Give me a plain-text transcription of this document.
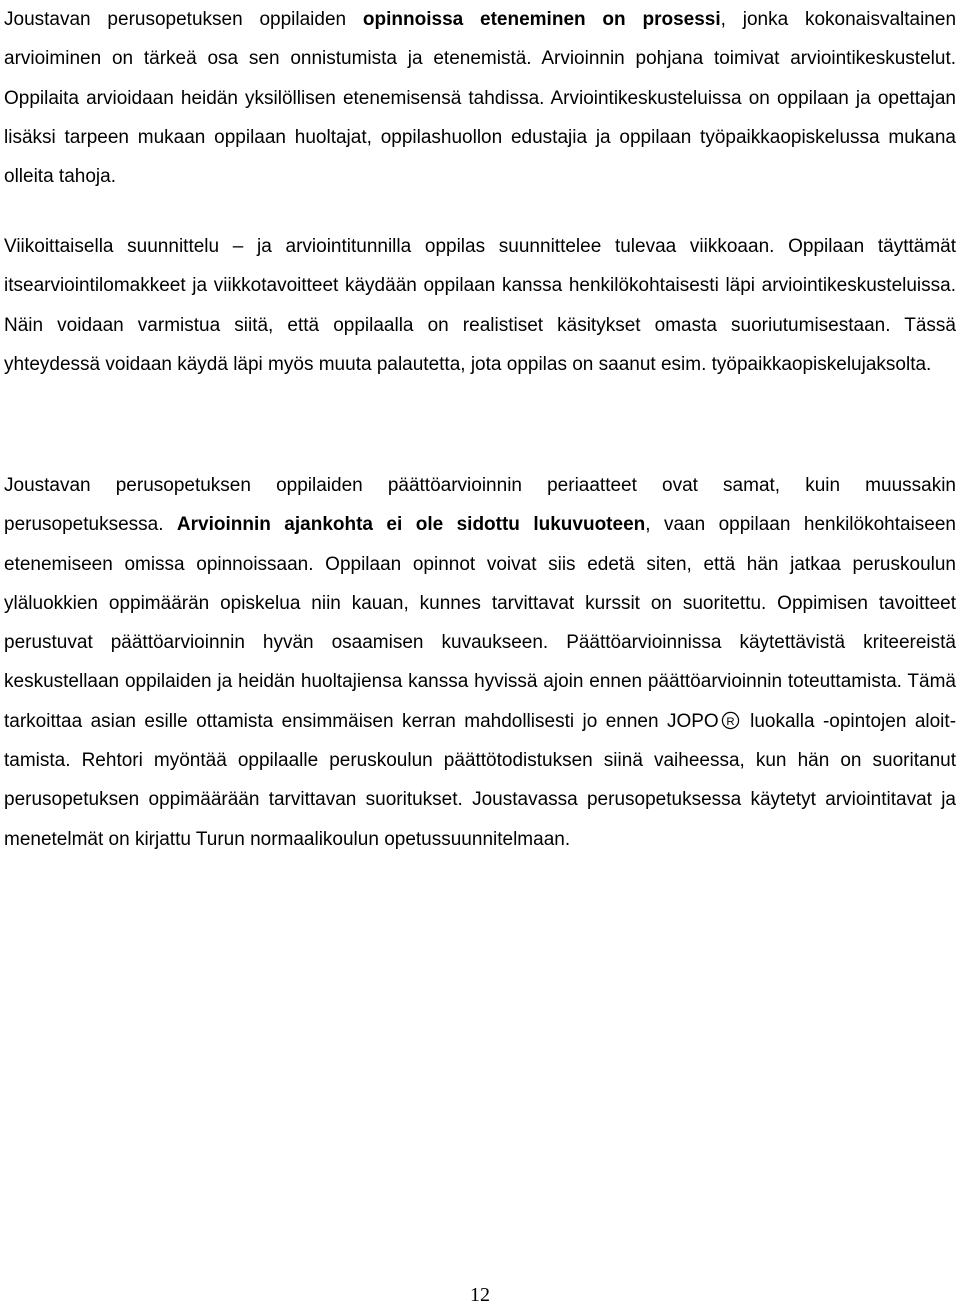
Joustavan perusopetuksen oppilaiden opinnoissa eteneminen on prosessi, jonka kokonaisvaltainen arvioiminen on tärkeä osa sen onnistumista ja etenemistä. Arvioinnin pohjana toimivat arviointikeskustelut. Oppilaita arvioidaan heidän yksilöllisen etenemisensä tahdissa. Arviointikeskusteluissa on oppilaan ja opettajan lisäksi tarpeen mukaan oppilaan huoltajat, oppilashuollon edustajia ja oppilaan työpaikkaopiskelussa mukana olleita tahoja.

Viikoittaisella suunnittelu – ja arviointitunnilla oppilas suunnittelee tulevaa viikkoaan. Oppilaan täyttämät itsearviointilomakkeet ja viikkotavoitteet käydään oppilaan kanssa henkilökohtaisesti läpi arviointikeskusteluissa. Näin voidaan varmistua siitä, että oppilaalla on realistiset käsitykset omasta suoriutumisestaan. Tässä yhteydessä voidaan käydä läpi myös muuta palautetta, jota oppilas on saanut esim. työpaikkaopiskelujaksolta.

Joustavan perusopetuksen oppilaiden päättöarvioinnin periaatteet ovat samat, kuin muussakin perusopetuksessa. Arvioinnin ajankohta ei ole sidottu lukuvuoteen, vaan oppilaan henkilökohtaiseen etenemiseen omissa opinnoissaan. Oppilaan opinnot voivat siis edetä siten, että hän jatkaa peruskoulun yläluokkien oppimäärän opiskelua niin kauan, kunnes tarvittavat kurssit on suoritettu. Oppimisen tavoitteet perustuvat päättöarvioinnin hyvän osaamisen kuvaukseen. Päättöarvioinnissa käytettävistä kriteereistä keskustellaan oppilaiden ja heidän huoltajiensa kanssa hyvissä ajoin ennen päättöarvioinnin toteuttamista. Tämä tarkoittaa asian esille ottamista ensimmäisen kerran mahdollisesti jo ennen JOPO R luokalla -opintojen aloittamista. Rehtori myöntää oppilaalle peruskoulun päättötodistuksen siinä vaiheessa, kun hän on suoritanut perusopetuksen oppimäärään tarvittavan suoritukset. Joustavassa perusopetuksessa käytetyt arviointitavat ja menetelmät on kirjattu Turun normaalikoulun opetussuunnitelmaan.

12
